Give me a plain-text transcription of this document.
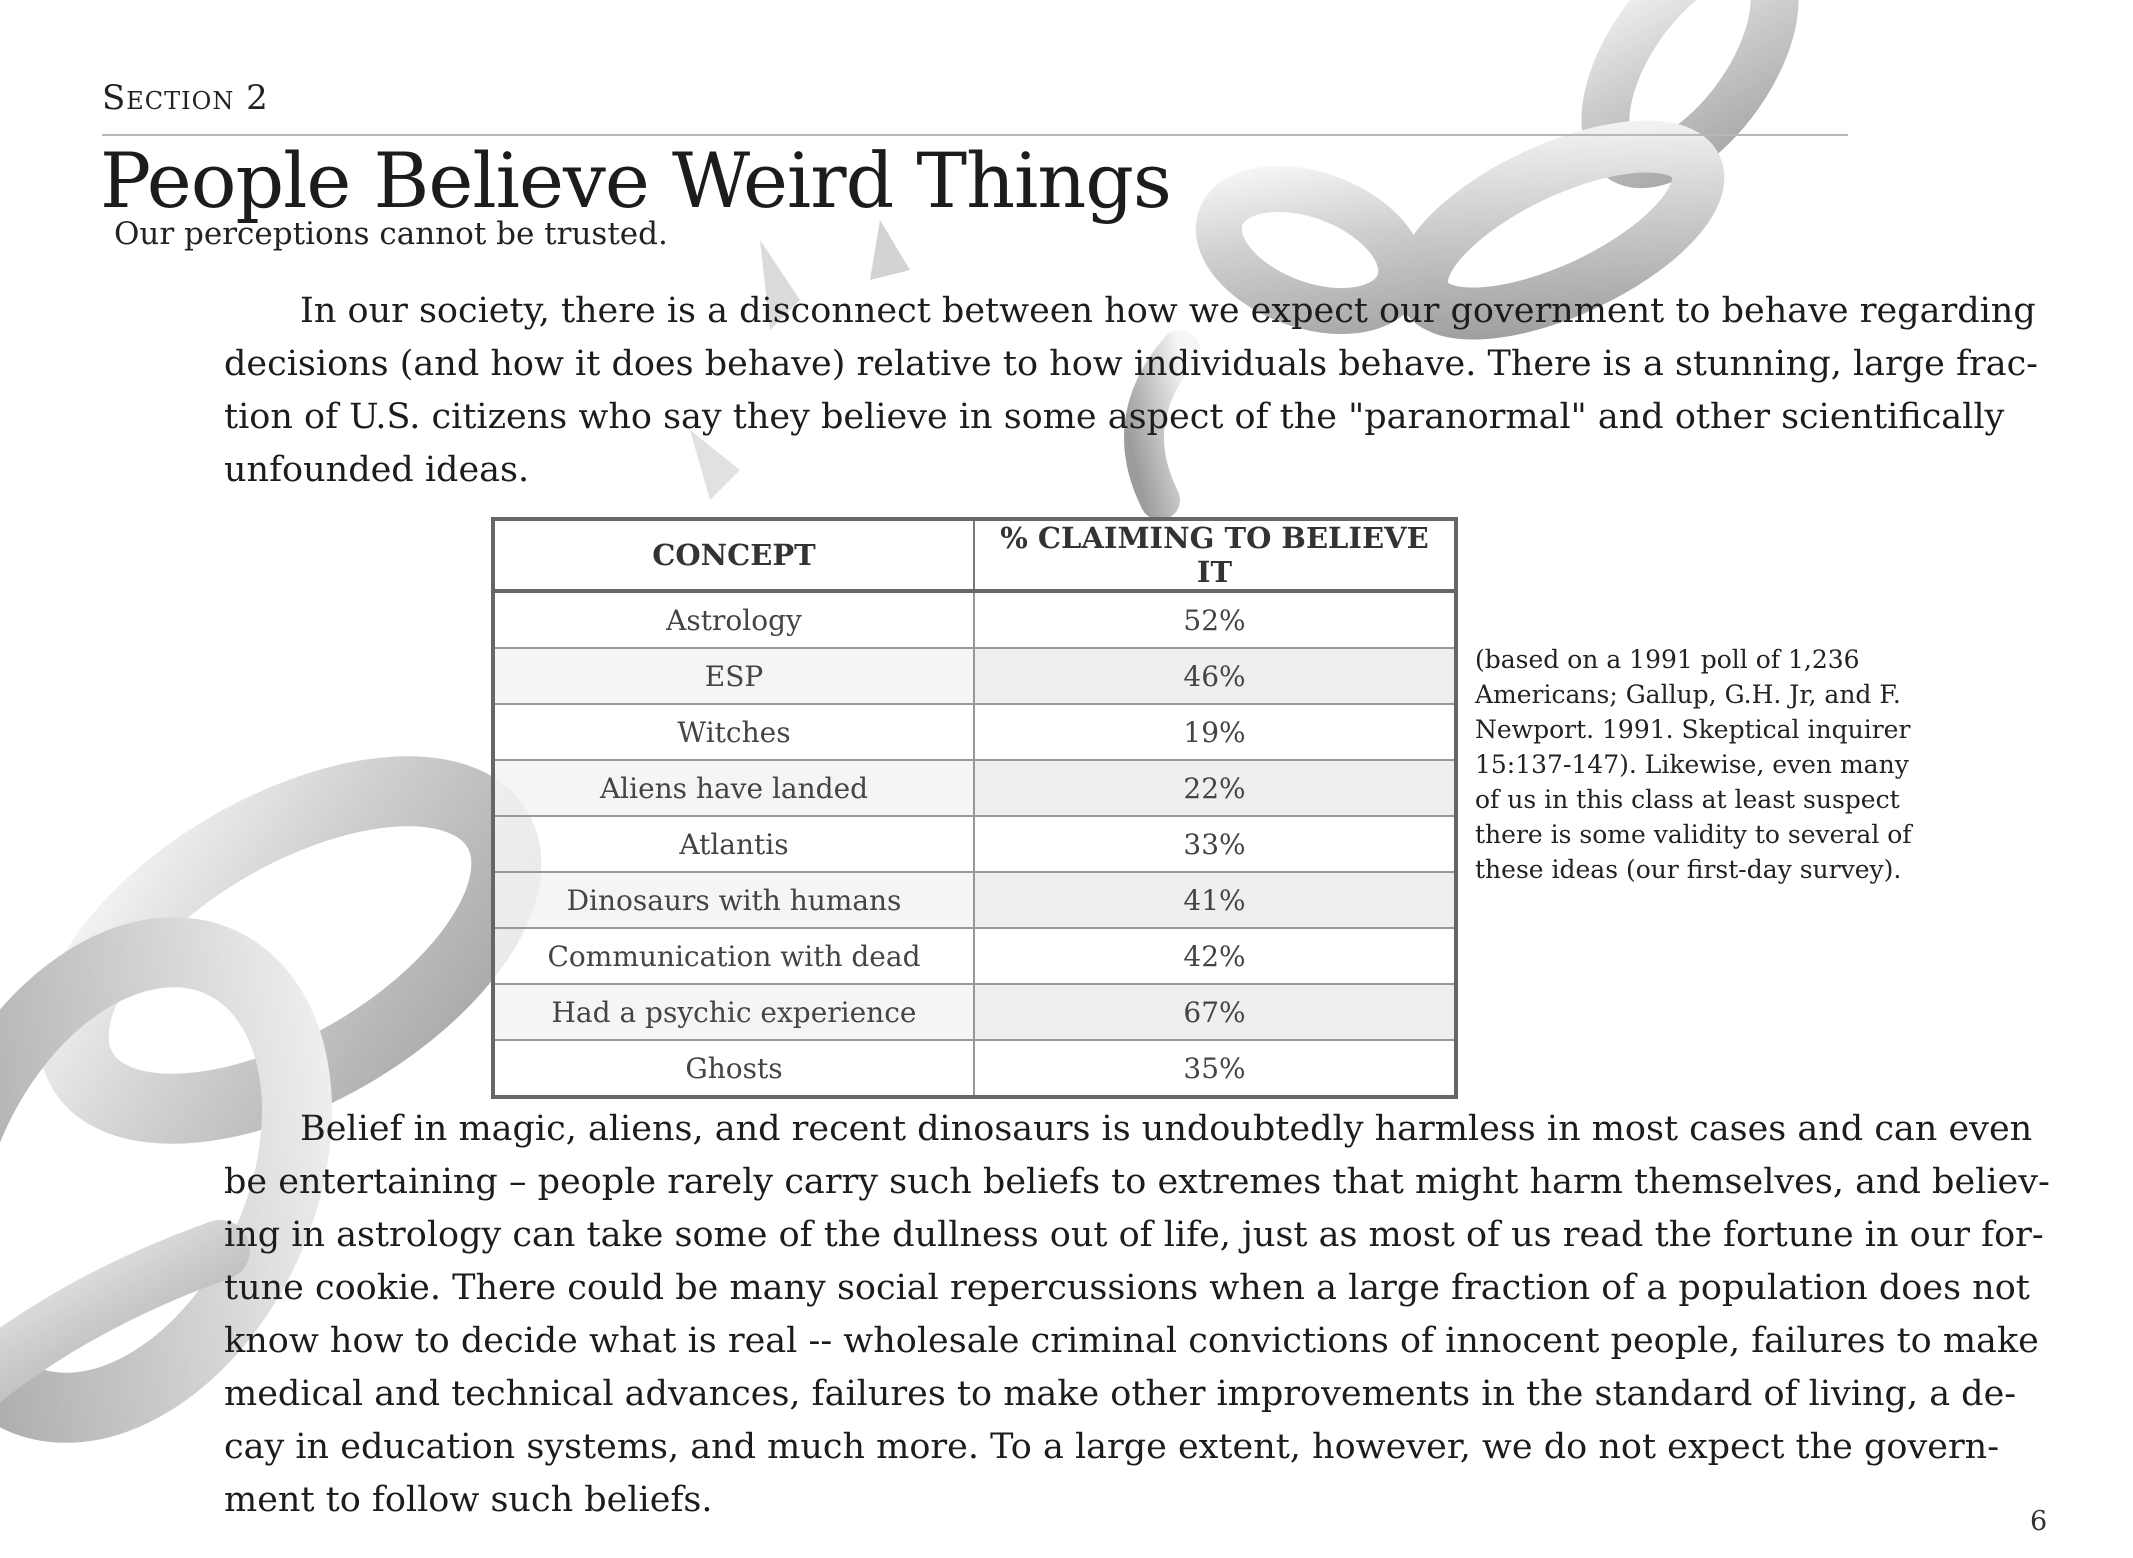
Section 2
People Believe Weird Things
Our perceptions cannot be trusted.
In our society, there is a disconnect between how we expect our government to behave regarding
decisions (and how it does behave) relative to how individuals behave. There is a stunning, large frac-
tion of U.S. citizens who say they believe in some aspect of the "paranormal" and other scientifically
unfounded ideas.
CONCEPT	% CLAIMING TO BELIEVE IT
Astrology	52%
ESP	46%
Witches	19%
Aliens have landed	22%
Atlantis	33%
Dinosaurs with humans	41%
Communication with dead	42%
Had a psychic experience	67%
Ghosts	35%
(based on a 1991 poll of 1,236
Americans; Gallup, G.H. Jr, and F.
Newport. 1991. Skeptical inquirer
15:137-147). Likewise, even many
of us in this class at least suspect
there is some validity to several of
these ideas (our first-day survey).
Belief in magic, aliens, and recent dinosaurs is undoubtedly harmless in most cases and can even
be entertaining – people rarely carry such beliefs to extremes that might harm themselves, and believ-
ing in astrology can take some of the dullness out of life, just as most of us read the fortune in our for-
tune cookie. There could be many social repercussions when a large fraction of a population does not
know how to decide what is real -- wholesale criminal convictions of innocent people, failures to make
medical and technical advances, failures to make other improvements in the standard of living, a de-
cay in education systems, and much more. To a large extent, however, we do not expect the govern-
ment to follow such beliefs.
6
